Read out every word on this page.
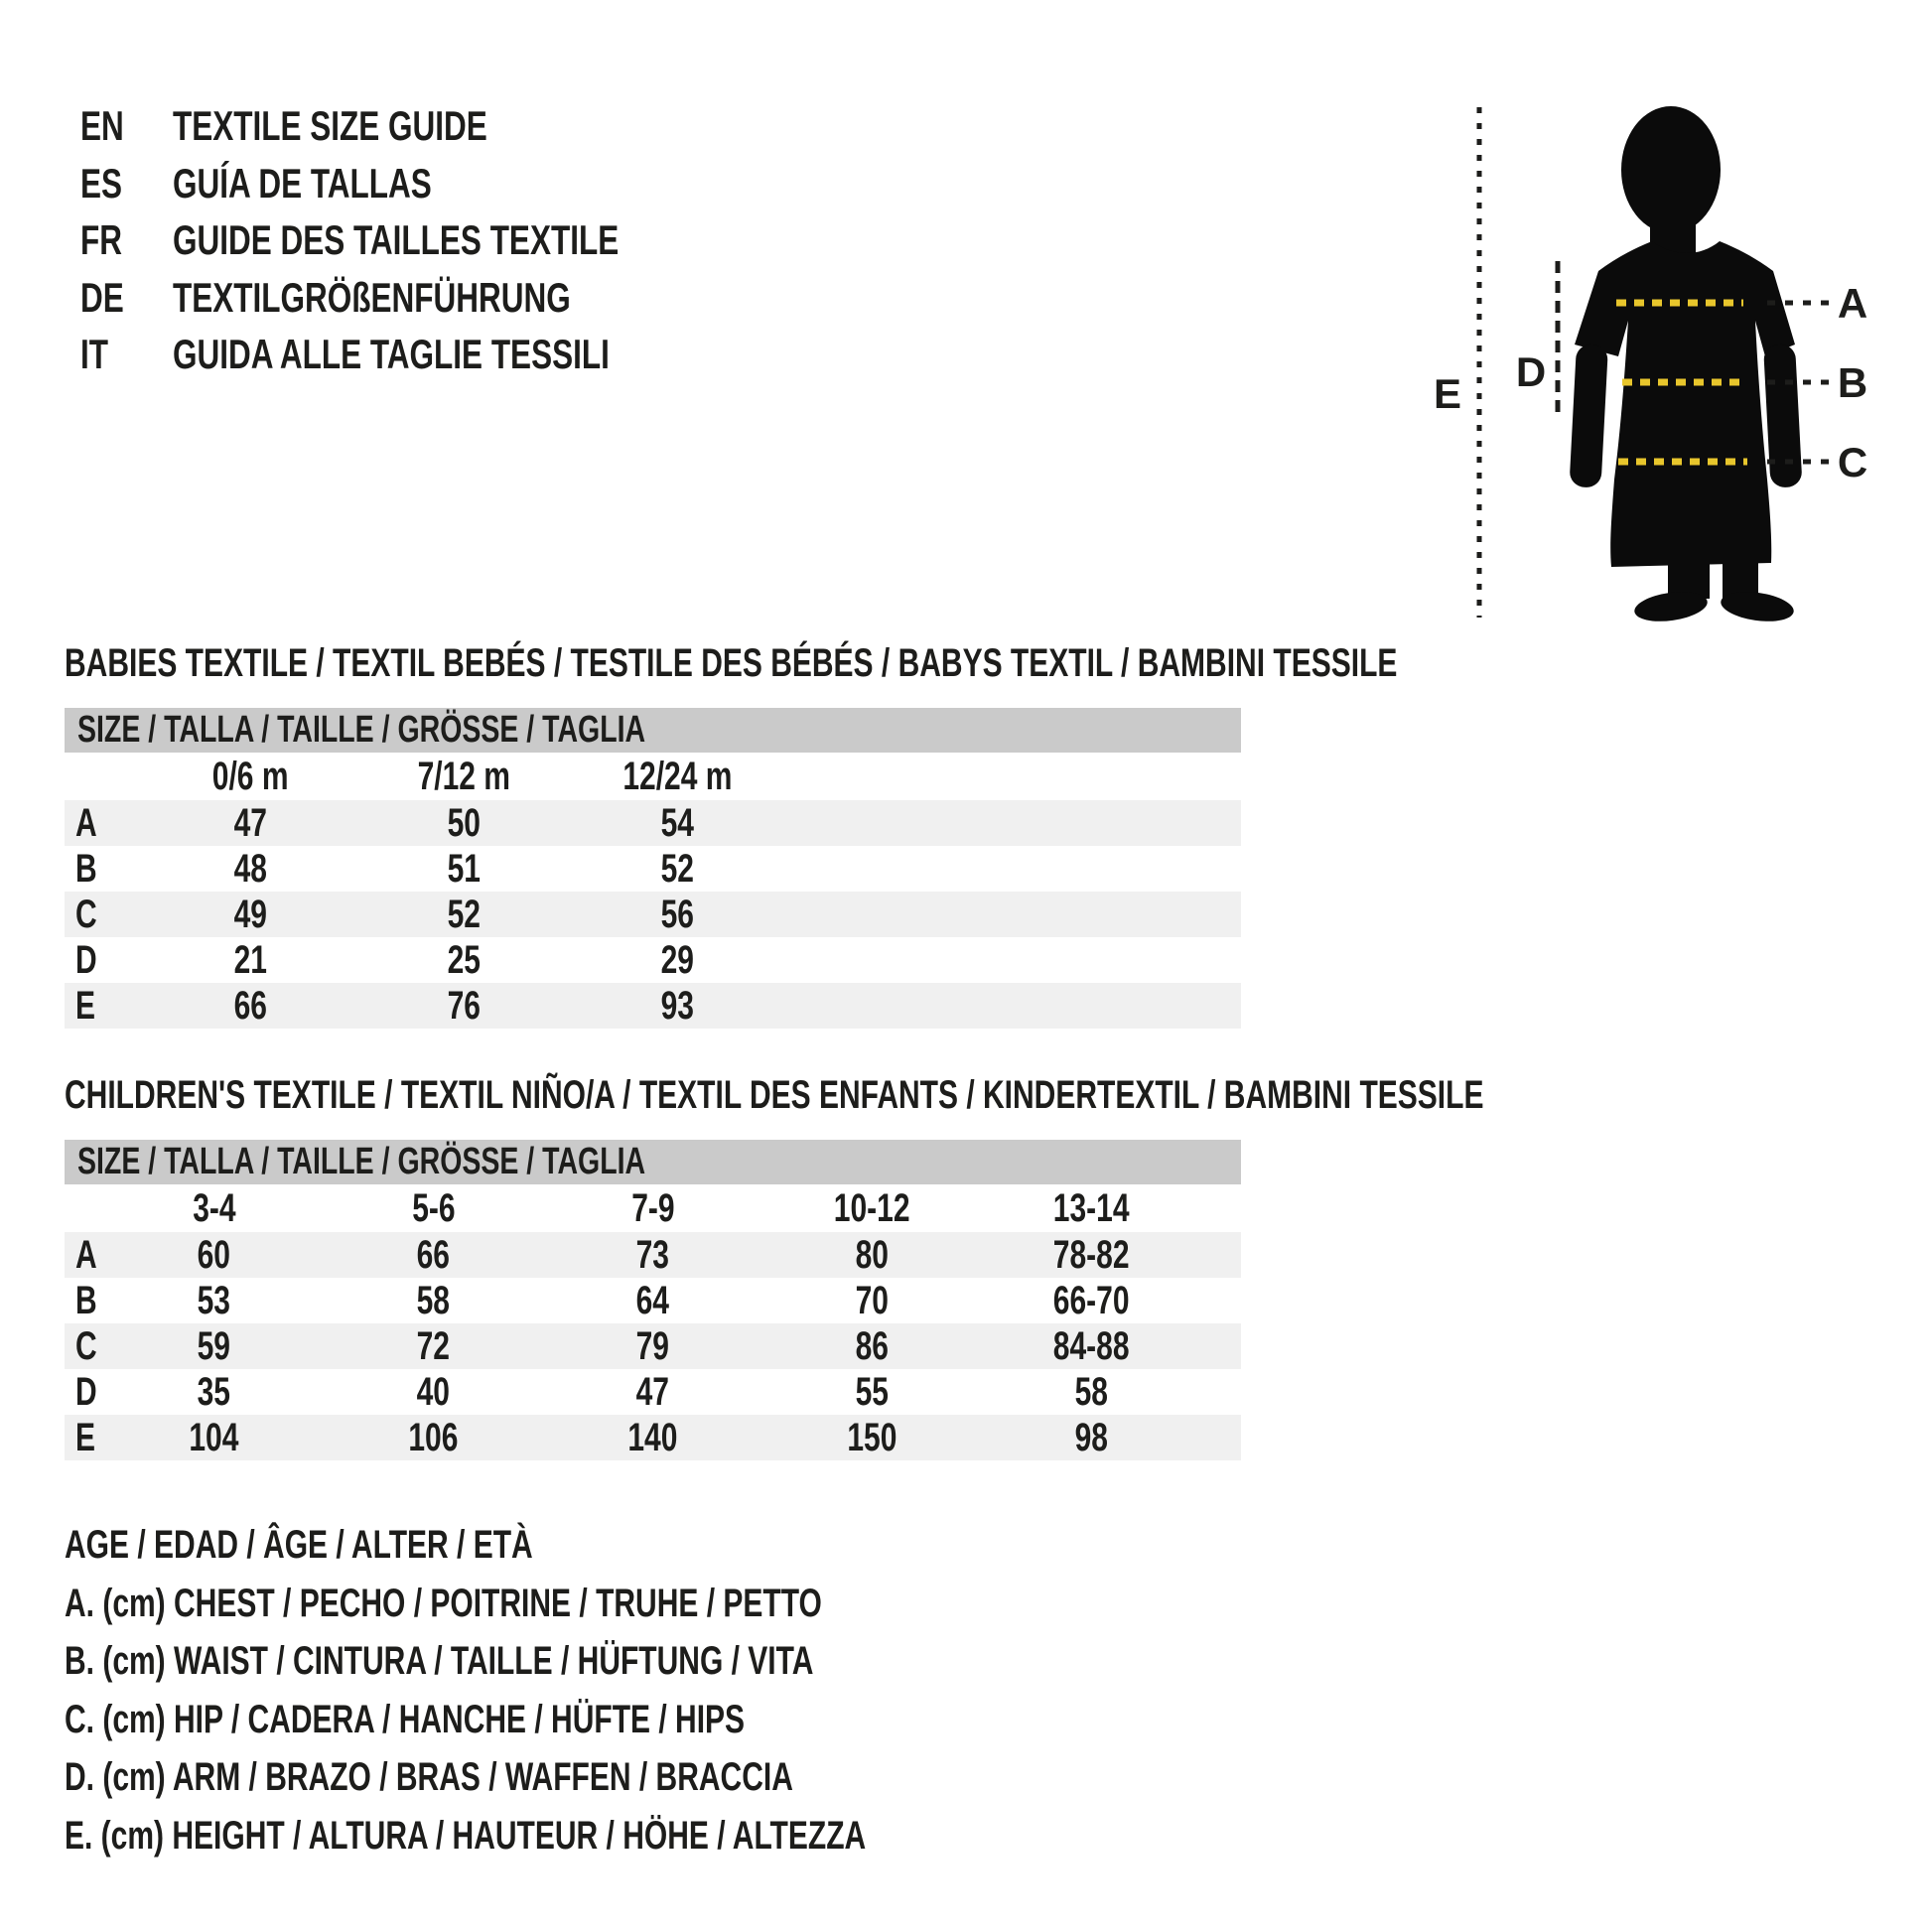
EN TEXTILE SIZE GUIDE
ES GUÍA DE TALLAS
FR GUIDE DES TAILLES TEXTILE
DE TEXTILGRÖßENFÜHRUNG
IT GUIDA ALLE TAGLIE TESSILI
E D
A
B
C
BABIES TEXTILE / TEXTIL BEBÉS / TESTILE DES BÉBÉS / BABYS TEXTIL / BAMBINI TESSILE
SIZE / TALLA / TAILLE / GRÖSSE / TAGLIA
	0/6 m	7/12 m	12/24 m	
A	47	50	54	
B	48	51	52	
C	49	52	56	
D	21	25	29	
E	66	76	93	
CHILDREN'S TEXTILE / TEXTIL NIÑO/A / TEXTIL DES ENFANTS / KINDERTEXTIL / BAMBINI TESSILE
SIZE / TALLA / TAILLE / GRÖSSE / TAGLIA
	3-4	5-6	7-9	10-12	13-14	
A	60	66	73	80	78-82	
B	53	58	64	70	66-70	
C	59	72	79	86	84-88	
D	35	40	47	55	58	
E	104	106	140	150	98	
AGE / EDAD / ÂGE / ALTER / ETÀ
A. (cm) CHEST / PECHO / POITRINE / TRUHE / PETTO
B. (cm) WAIST / CINTURA / TAILLE / HÜFTUNG / VITA
C. (cm) HIP / CADERA / HANCHE / HÜFTE / HIPS
D. (cm) ARM / BRAZO / BRAS / WAFFEN / BRACCIA
E. (cm) HEIGHT / ALTURA / HAUTEUR / HÖHE / ALTEZZA
